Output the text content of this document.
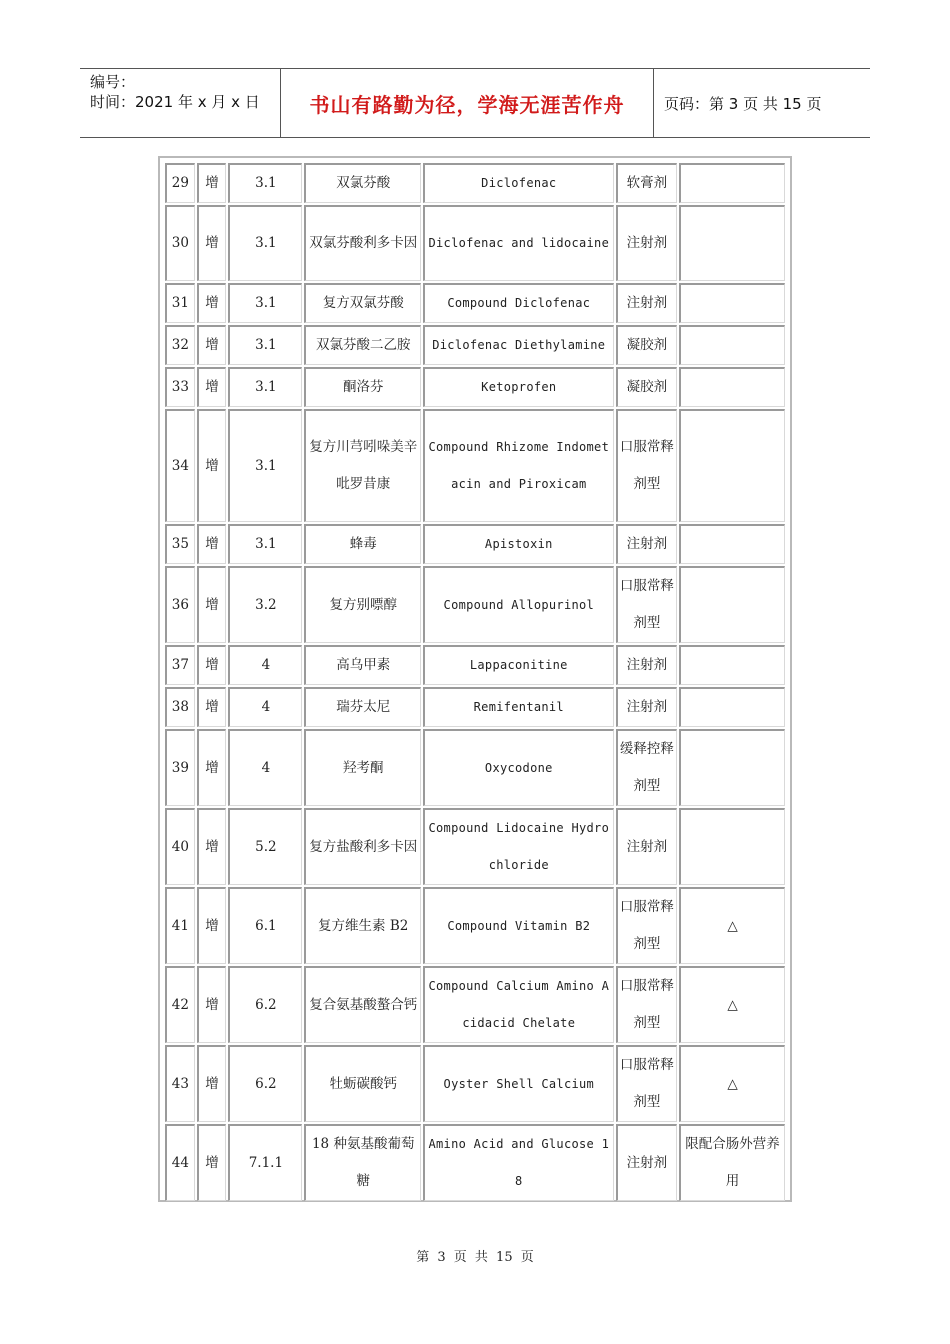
编号：
时间：2021 年 x 月 x 日	书山有路勤为径，学海无涯苦作舟	页码：第 3 页 共 15 页
29	增	3.1	双氯芬酸	Diclofenac	软膏剂	
30	增	3.1	双氯芬酸利多卡因	Diclofenac and lidocaine	注射剂	
31	增	3.1	复方双氯芬酸	Compound Diclofenac	注射剂	
32	增	3.1	双氯芬酸二乙胺	Diclofenac Diethylamine	凝胶剂	
33	增	3.1	酮洛芬	Ketoprofen	凝胶剂	
34	增	3.1	复方川芎吲哚美辛吡罗昔康	Compound Rhizome Indometacin and Piroxicam	口服常释剂型	
35	增	3.1	蜂毒	Apistoxin	注射剂	
36	增	3.2	复方别嘌醇	Compound Allopurinol	口服常释剂型	
37	增	4	高乌甲素	Lappaconitine	注射剂	
38	增	4	瑞芬太尼	Remifentanil	注射剂	
39	增	4	羟考酮	Oxycodone	缓释控释剂型	
40	增	5.2	复方盐酸利多卡因	Compound Lidocaine Hydrochloride	注射剂	
41	增	6.1	复方维生素 B2	Compound Vitamin B2	口服常释剂型	△
42	增	6.2	复合氨基酸螯合钙	Compound Calcium Amino Acidacid Chelate	口服常释剂型	△
43	增	6.2	牡蛎碳酸钙	Oyster Shell Calcium	口服常释剂型	△
44	增	7.1.1	18 种氨基酸葡萄糖	Amino Acid and Glucose 18	注射剂	限配合肠外营养用
第 3 页 共 15 页
